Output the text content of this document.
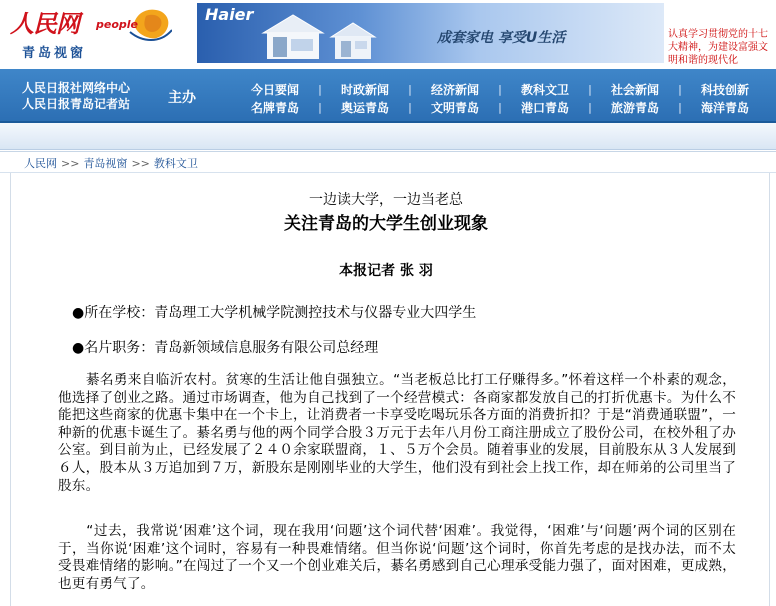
人民网 people
青岛视窗
Haier
成套家电 享受U生活	认真学习贯彻党的十七大精神，为建设富强文明和谐的现代化
人民日报社网络中心
人民日报青岛记者站	主办
今日要闻	|	时政新闻	|	经济新闻	|	教科文卫	|	社会新闻	|	科技创新
名牌青岛	|	奥运青岛	|	文明青岛	|	港口青岛	|	旅游青岛	|	海洋青岛
人民网 >> 青岛视窗 >> 教科文卫
一边读大学，一边当老总
关注青岛的大学生创业现象
本报记者 张 羽
●所在学校：青岛理工大学机械学院测控技术与仪器专业大四学生
●名片职务：青岛新领域信息服务有限公司总经理
　　綦名勇来自临沂农村。贫寒的生活让他自强独立。“当老板总比打工仔赚得多。”怀着这样一个朴素的观念，他选择了创业之路。通过市场调查，他为自己找到了一个经营模式：各商家都发放自己的打折优惠卡。为什么不能把这些商家的优惠卡集中在一个卡上，让消费者一卡享受吃喝玩乐各方面的消费折扣？于是“消费通联盟”，一种新的优惠卡诞生了。綦名勇与他的两个同学合股３万元于去年八月份工商注册成立了股份公司，在校外租了办公室。到目前为止，已经发展了２４０余家联盟商，１、５万个会员。随着事业的发展，目前股东从３人发展到６人，股本从３万追加到７万，新股东是刚刚毕业的大学生，他们没有到社会上找工作，却在师弟的公司里当了股东。
　　“过去，我常说‘困难’这个词，现在我用‘问题’这个词代替‘困难’。我觉得，‘困难’与‘问题’两个词的区别在于，当你说‘困难’这个词时，容易有一种畏难情绪。但当你说‘问题’这个词时，你首先考虑的是找办法，而不太受畏难情绪的影响。”在闯过了一个又一个创业难关后，綦名勇感到自己心理承受能力强了，面对困难，更成熟，也更有勇气了。
